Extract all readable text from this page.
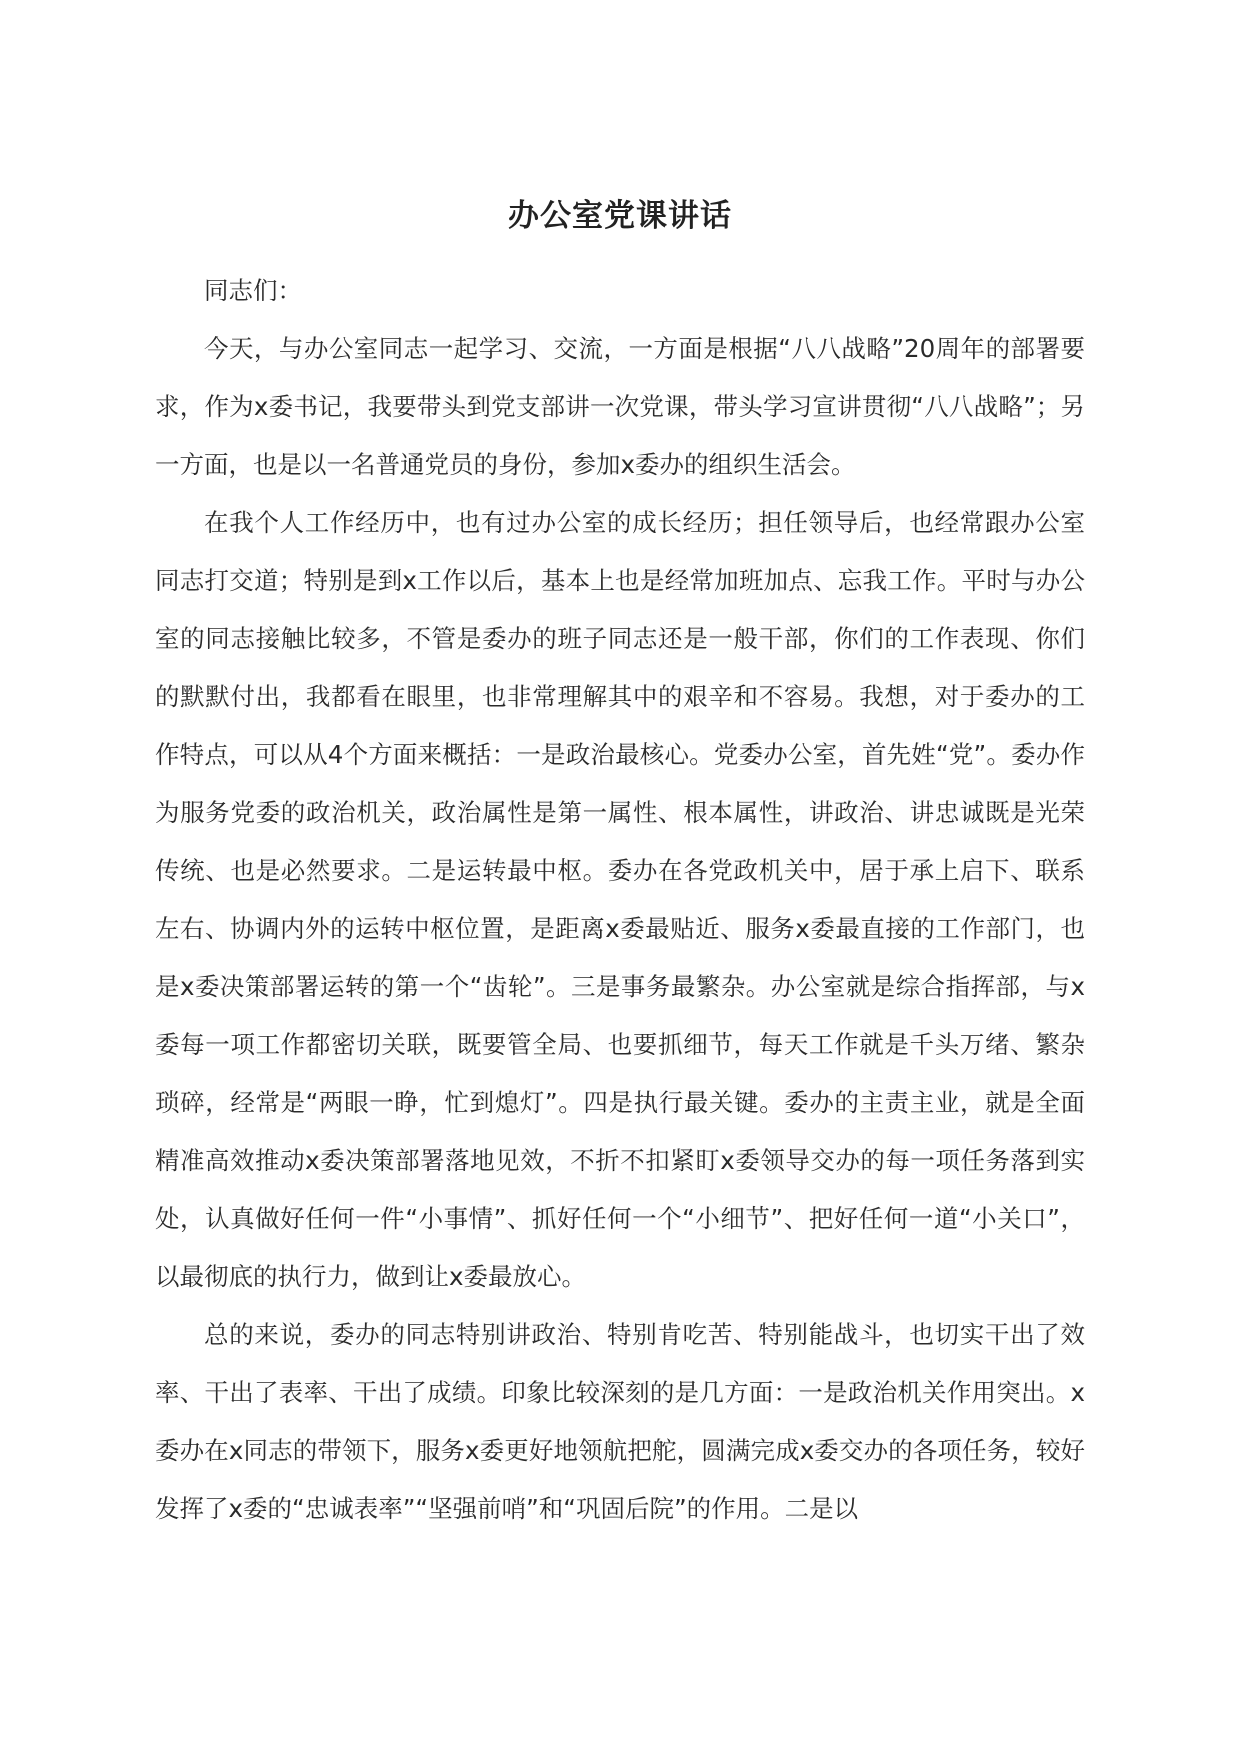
办公室党课讲话

同志们：

今天，与办公室同志一起学习、交流，一方面是根据“八八战略”20周年的部署要求，作为x委书记，我要带头到党支部讲一次党课，带头学习宣讲贯彻“八八战略”；另一方面，也是以一名普通党员的身份，参加x委办的组织生活会。

在我个人工作经历中，也有过办公室的成长经历；担任领导后，也经常跟办公室同志打交道；特别是到x工作以后，基本上也是经常加班加点、忘我工作。平时与办公室的同志接触比较多，不管是委办的班子同志还是一般干部，你们的工作表现、你们的默默付出，我都看在眼里，也非常理解其中的艰辛和不容易。我想，对于委办的工作特点，可以从4个方面来概括：一是政治最核心。党委办公室，首先姓“党”。委办作为服务党委的政治机关，政治属性是第一属性、根本属性，讲政治、讲忠诚既是光荣传统、也是必然要求。二是运转最中枢。委办在各党政机关中，居于承上启下、联系左右、协调内外的运转中枢位置，是距离x委最贴近、服务x委最直接的工作部门，也是x委决策部署运转的第一个“齿轮”。三是事务最繁杂。办公室就是综合指挥部，与x委每一项工作都密切关联，既要管全局、也要抓细节，每天工作就是千头万绪、繁杂琐碎，经常是“两眼一睁，忙到熄灯”。四是执行最关键。委办的主责主业，就是全面精准高效推动x委决策部署落地见效，不折不扣紧盯x委领导交办的每一项任务落到实处，认真做好任何一件“小事情”、抓好任何一个“小细节”、把好任何一道“小关口”，以最彻底的执行力，做到让x委最放心。

总的来说，委办的同志特别讲政治、特别肯吃苦、特别能战斗，也切实干出了效率、干出了表率、干出了成绩。印象比较深刻的是几方面：一是政治机关作用突出。x委办在x同志的带领下，服务x委更好地领航把舵，圆满完成x委交办的各项任务，较好发挥了x委的“忠诚表率”“坚强前哨”和“巩固后院”的作用。二是以
